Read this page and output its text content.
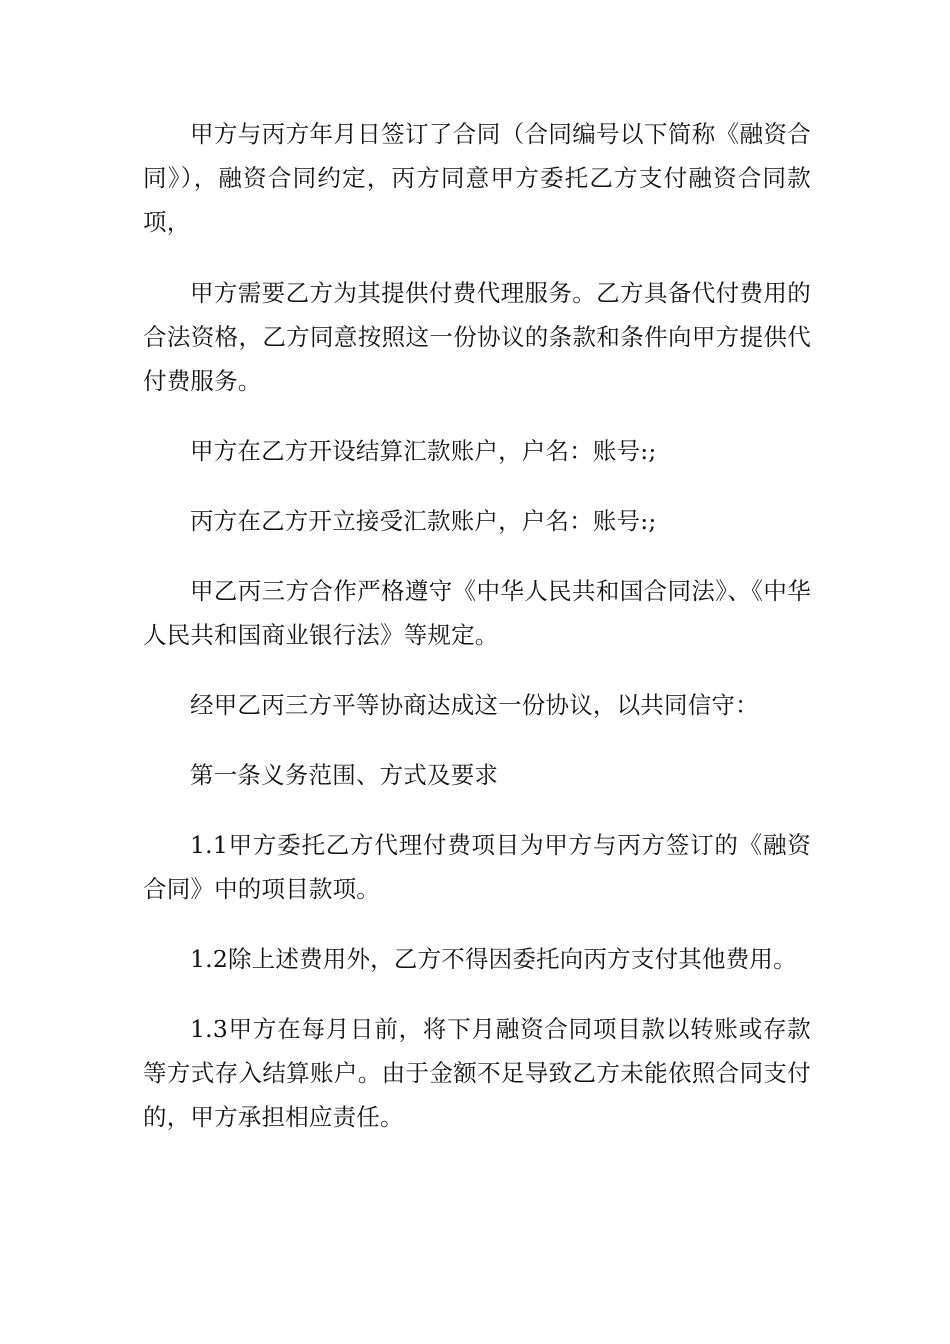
甲方与丙方年月日签订了合同（合同编号以下简称《融资合同》），融资合同约定，丙方同意甲方委托乙方支付融资合同款项，

甲方需要乙方为其提供付费代理服务。乙方具备代付费用的合法资格，乙方同意按照这一份协议的条款和条件向甲方提供代付费服务。

甲方在乙方开设结算汇款账户，户名：账号:;

丙方在乙方开立接受汇款账户，户名：账号:;

甲乙丙三方合作严格遵守《中华人民共和国合同法》、《中华人民共和国商业银行法》等规定。

经甲乙丙三方平等协商达成这一份协议，以共同信守：

第一条义务范围、方式及要求

1.1甲方委托乙方代理付费项目为甲方与丙方签订的《融资合同》中的项目款项。

1.2除上述费用外，乙方不得因委托向丙方支付其他费用。

1.3甲方在每月日前，将下月融资合同项目款以转账或存款等方式存入结算账户。由于金额不足导致乙方未能依照合同支付的，甲方承担相应责任。
